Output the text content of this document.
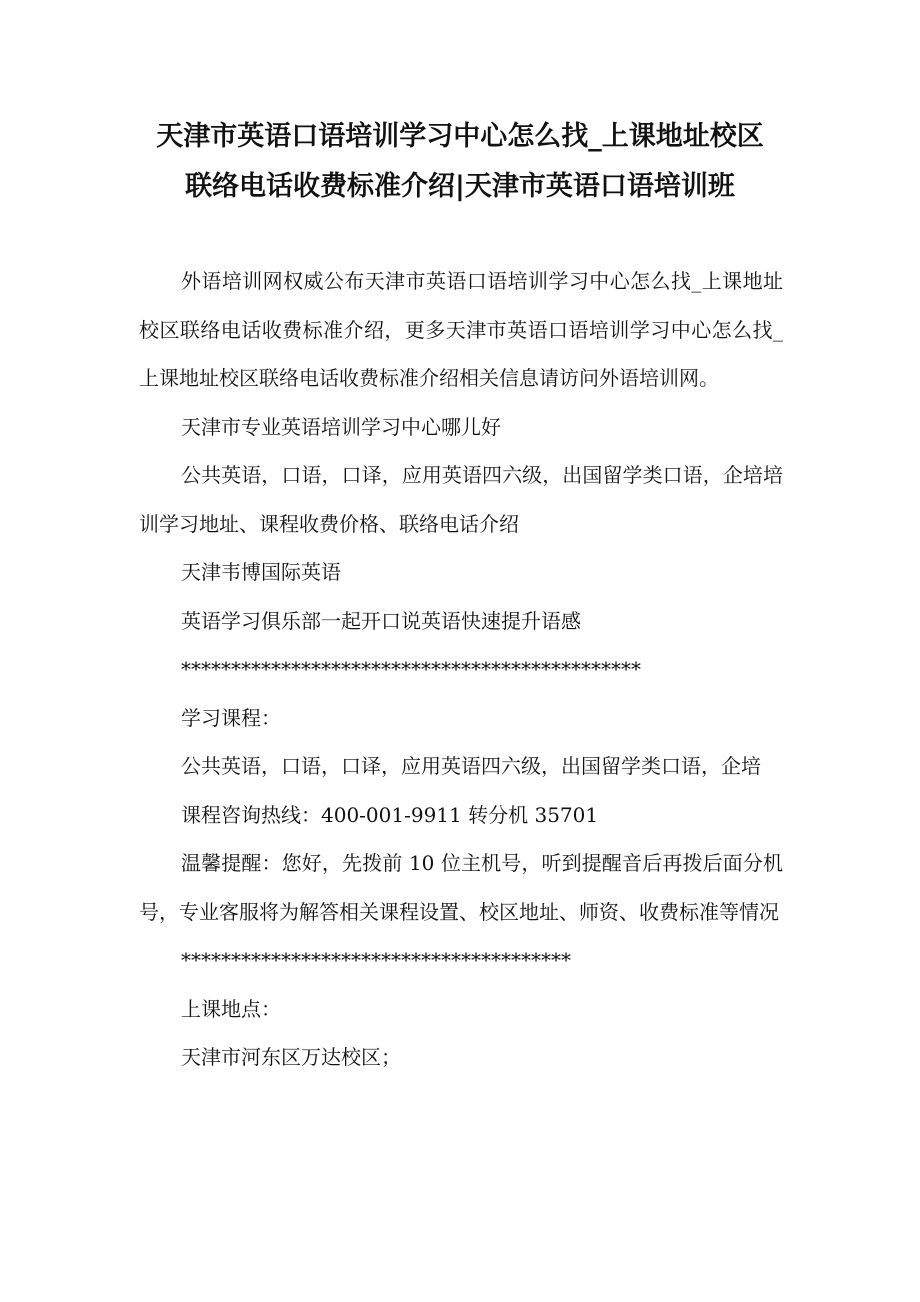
天津市英语口语培训学习中心怎么找_上课地址校区
联络电话收费标准介绍|天津市英语口语培训班

外语培训网权威公布天津市英语口语培训学习中心怎么找_上课地址校区联络电话收费标准介绍，更多天津市英语口语培训学习中心怎么找_上课地址校区联络电话收费标准介绍相关信息请访问外语培训网。

天津市专业英语培训学习中心哪儿好

公共英语，口语，口译，应用英语四六级，出国留学类口语，企培培训学习地址、课程收费价格、联络电话介绍

天津韦博国际英语

英语学习俱乐部一起开口说英语快速提升语感

**********************************************

学习课程：

公共英语，口语，口译，应用英语四六级，出国留学类口语，企培

课程咨询热线：400-001-9911 转分机 35701

温馨提醒：您好，先拨前 10 位主机号，听到提醒音后再拨后面分机号，专业客服将为解答相关课程设置、校区地址、师资、收费标准等情况

***************************************

上课地点：

天津市河东区万达校区；
